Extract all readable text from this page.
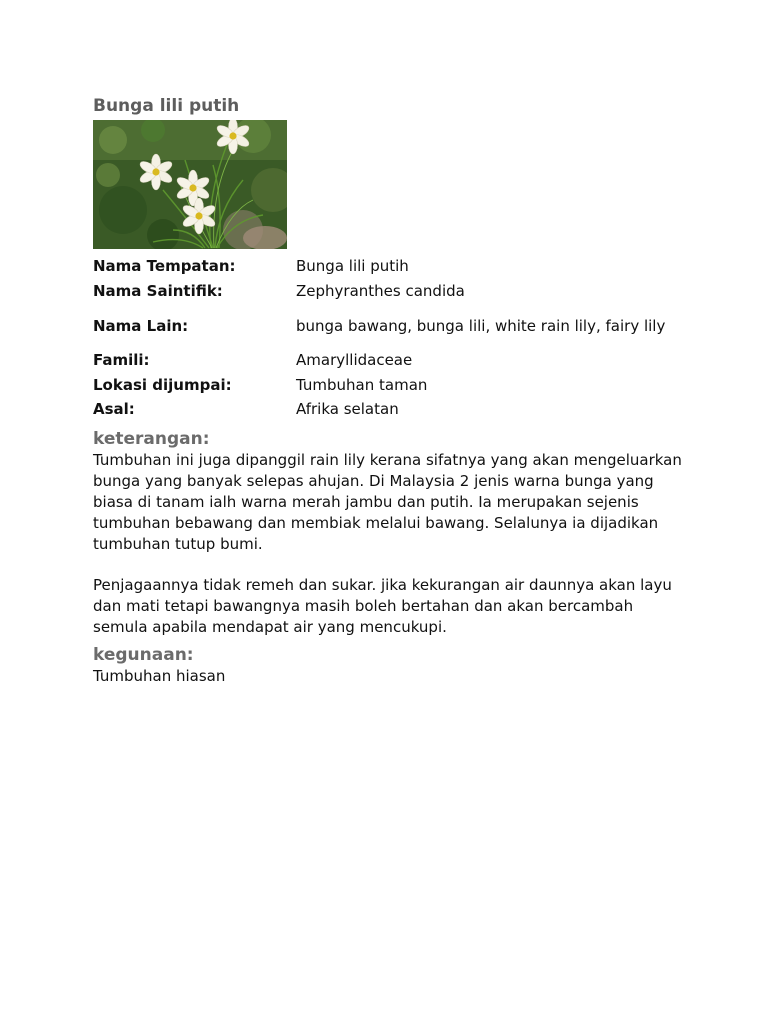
Bunga lili putih
Nama Tempatan:	Bunga lili putih
Nama Saintifik:	Zephyranthes candida
Nama Lain:	bunga bawang, bunga lili, white rain lily, fairy lily
Famili:	Amaryllidaceae
Lokasi dijumpai:	Tumbuhan taman
Asal:	Afrika selatan
keterangan:

Tumbuhan ini juga dipanggil rain lily kerana sifatnya yang akan mengeluarkan bunga yang banyak selepas ahujan. Di Malaysia 2 jenis warna bunga yang biasa di tanam ialh warna merah jambu dan putih. Ia merupakan sejenis tumbuhan bebawang dan membiak melalui bawang. Selalunya ia dijadikan tumbuhan tutup bumi.

Penjagaannya tidak remeh dan sukar. jika kekurangan air daunnya akan layu dan mati tetapi bawangnya masih boleh bertahan dan akan bercambah semula apabila mendapat air yang mencukupi.

kegunaan:

Tumbuhan hiasan
